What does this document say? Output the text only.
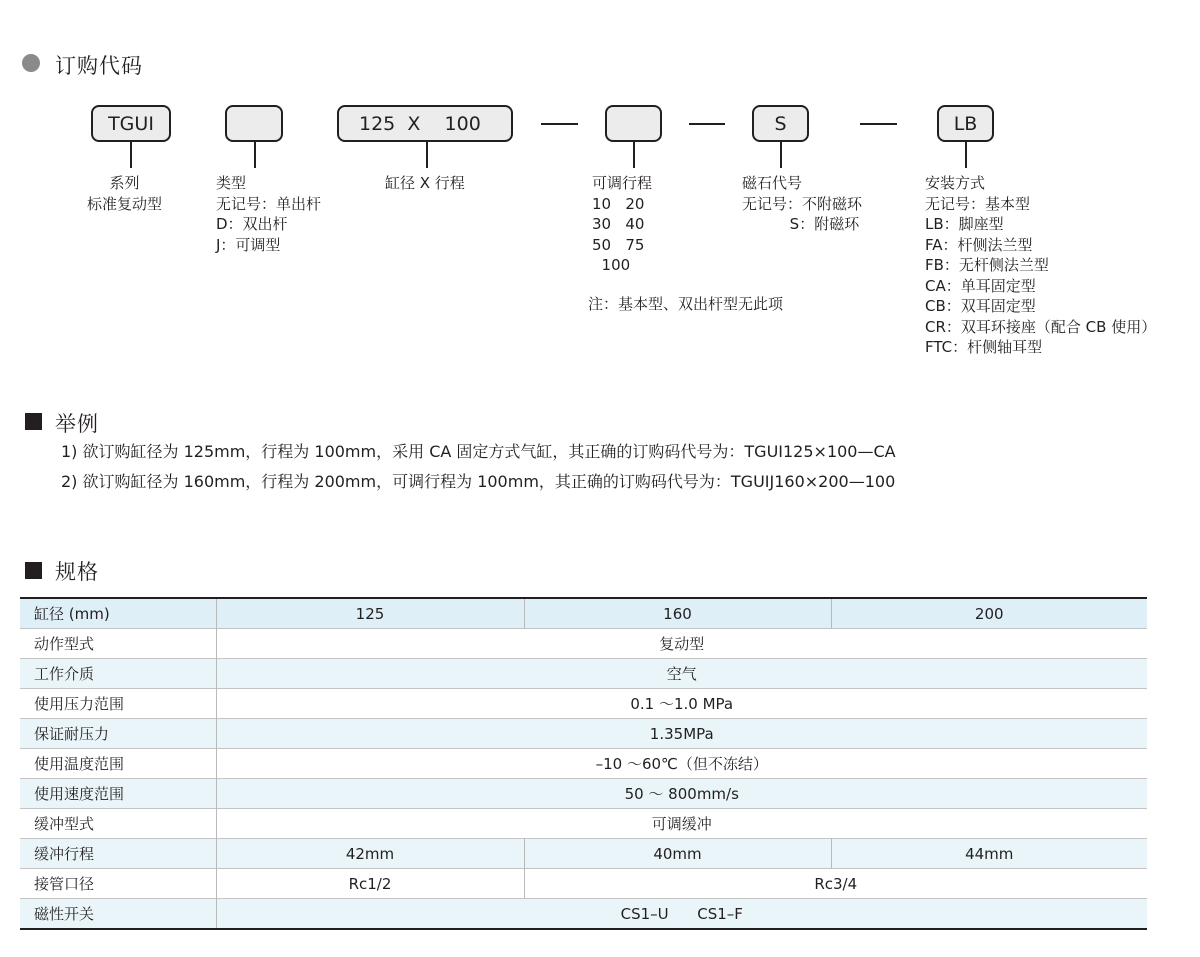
订购代码
TGUI	125  X    100	S	LB
系列
标准复动型
类型
无记号：单出杆
D：双出杆
J：可调型
缸径 X 行程	可调行程
10   20
30   40
50   75
100
注：基本型、双出杆型无此项
磁石代号
无记号：不附磁环
S：附磁环
安装方式
无记号：基本型
LB：脚座型
FA：杆侧法兰型
FB：无杆侧法兰型
CA：单耳固定型
CB：双耳固定型
CR：双耳环接座（配合 CB 使用）
FTC：杆侧轴耳型
举例
1) 欲订购缸径为 125mm，行程为 100mm，采用 CA 固定方式气缸，其正确的订购码代号为：TGUI125×100—CA
2) 欲订购缸径为 160mm，行程为 200mm，可调行程为 100mm，其正确的订购码代号为：TGUIJ160×200—100
规格
缸径 (mm)	125	160	200
动作型式	复动型		
工作介质	空气		
使用压力范围	0.1 ～1.0 MPa		
保证耐压力	1.35MPa		
使用温度范围	–10 ～60℃（但不冻结）		
使用速度范围	50 ～ 800mm/s		
缓冲型式	可调缓冲		
缓冲行程	42mm	40mm	44mm
接管口径	Rc1/2	Rc3/4	
磁性开关	CS1–U      CS1–F		
